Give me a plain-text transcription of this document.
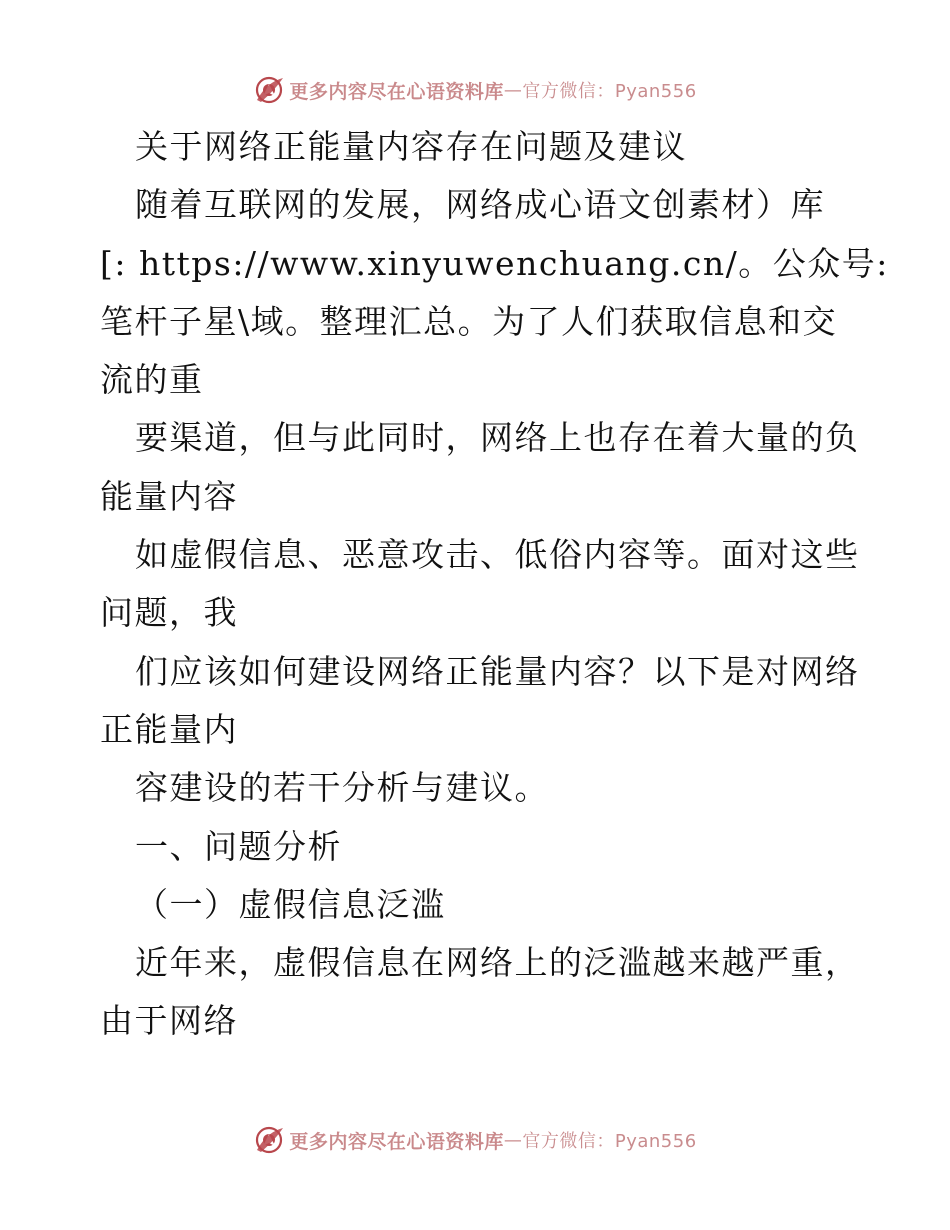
更多内容尽在心语资料库 — 官方微信：Pyan556
关于网络正能量内容存在问题及建议
随着互联网的发展，网络成心语文创素材）库
[: https://www.xinyuwenchuang.cn/。公众号:
笔杆子星\域。整理汇总。为了人们获取信息和交
流的重
要渠道，但与此同时，网络上也存在着大量的负
能量内容
如虚假信息、恶意攻击、低俗内容等。面对这些
问题，我
们应该如何建设网络正能量内容？以下是对网络
正能量内
容建设的若干分析与建议。
一、问题分析
（一）虚假信息泛滥
近年来，虚假信息在网络上的泛滥越来越严重，
由于网络
更多内容尽在心语资料库 — 官方微信：Pyan556
